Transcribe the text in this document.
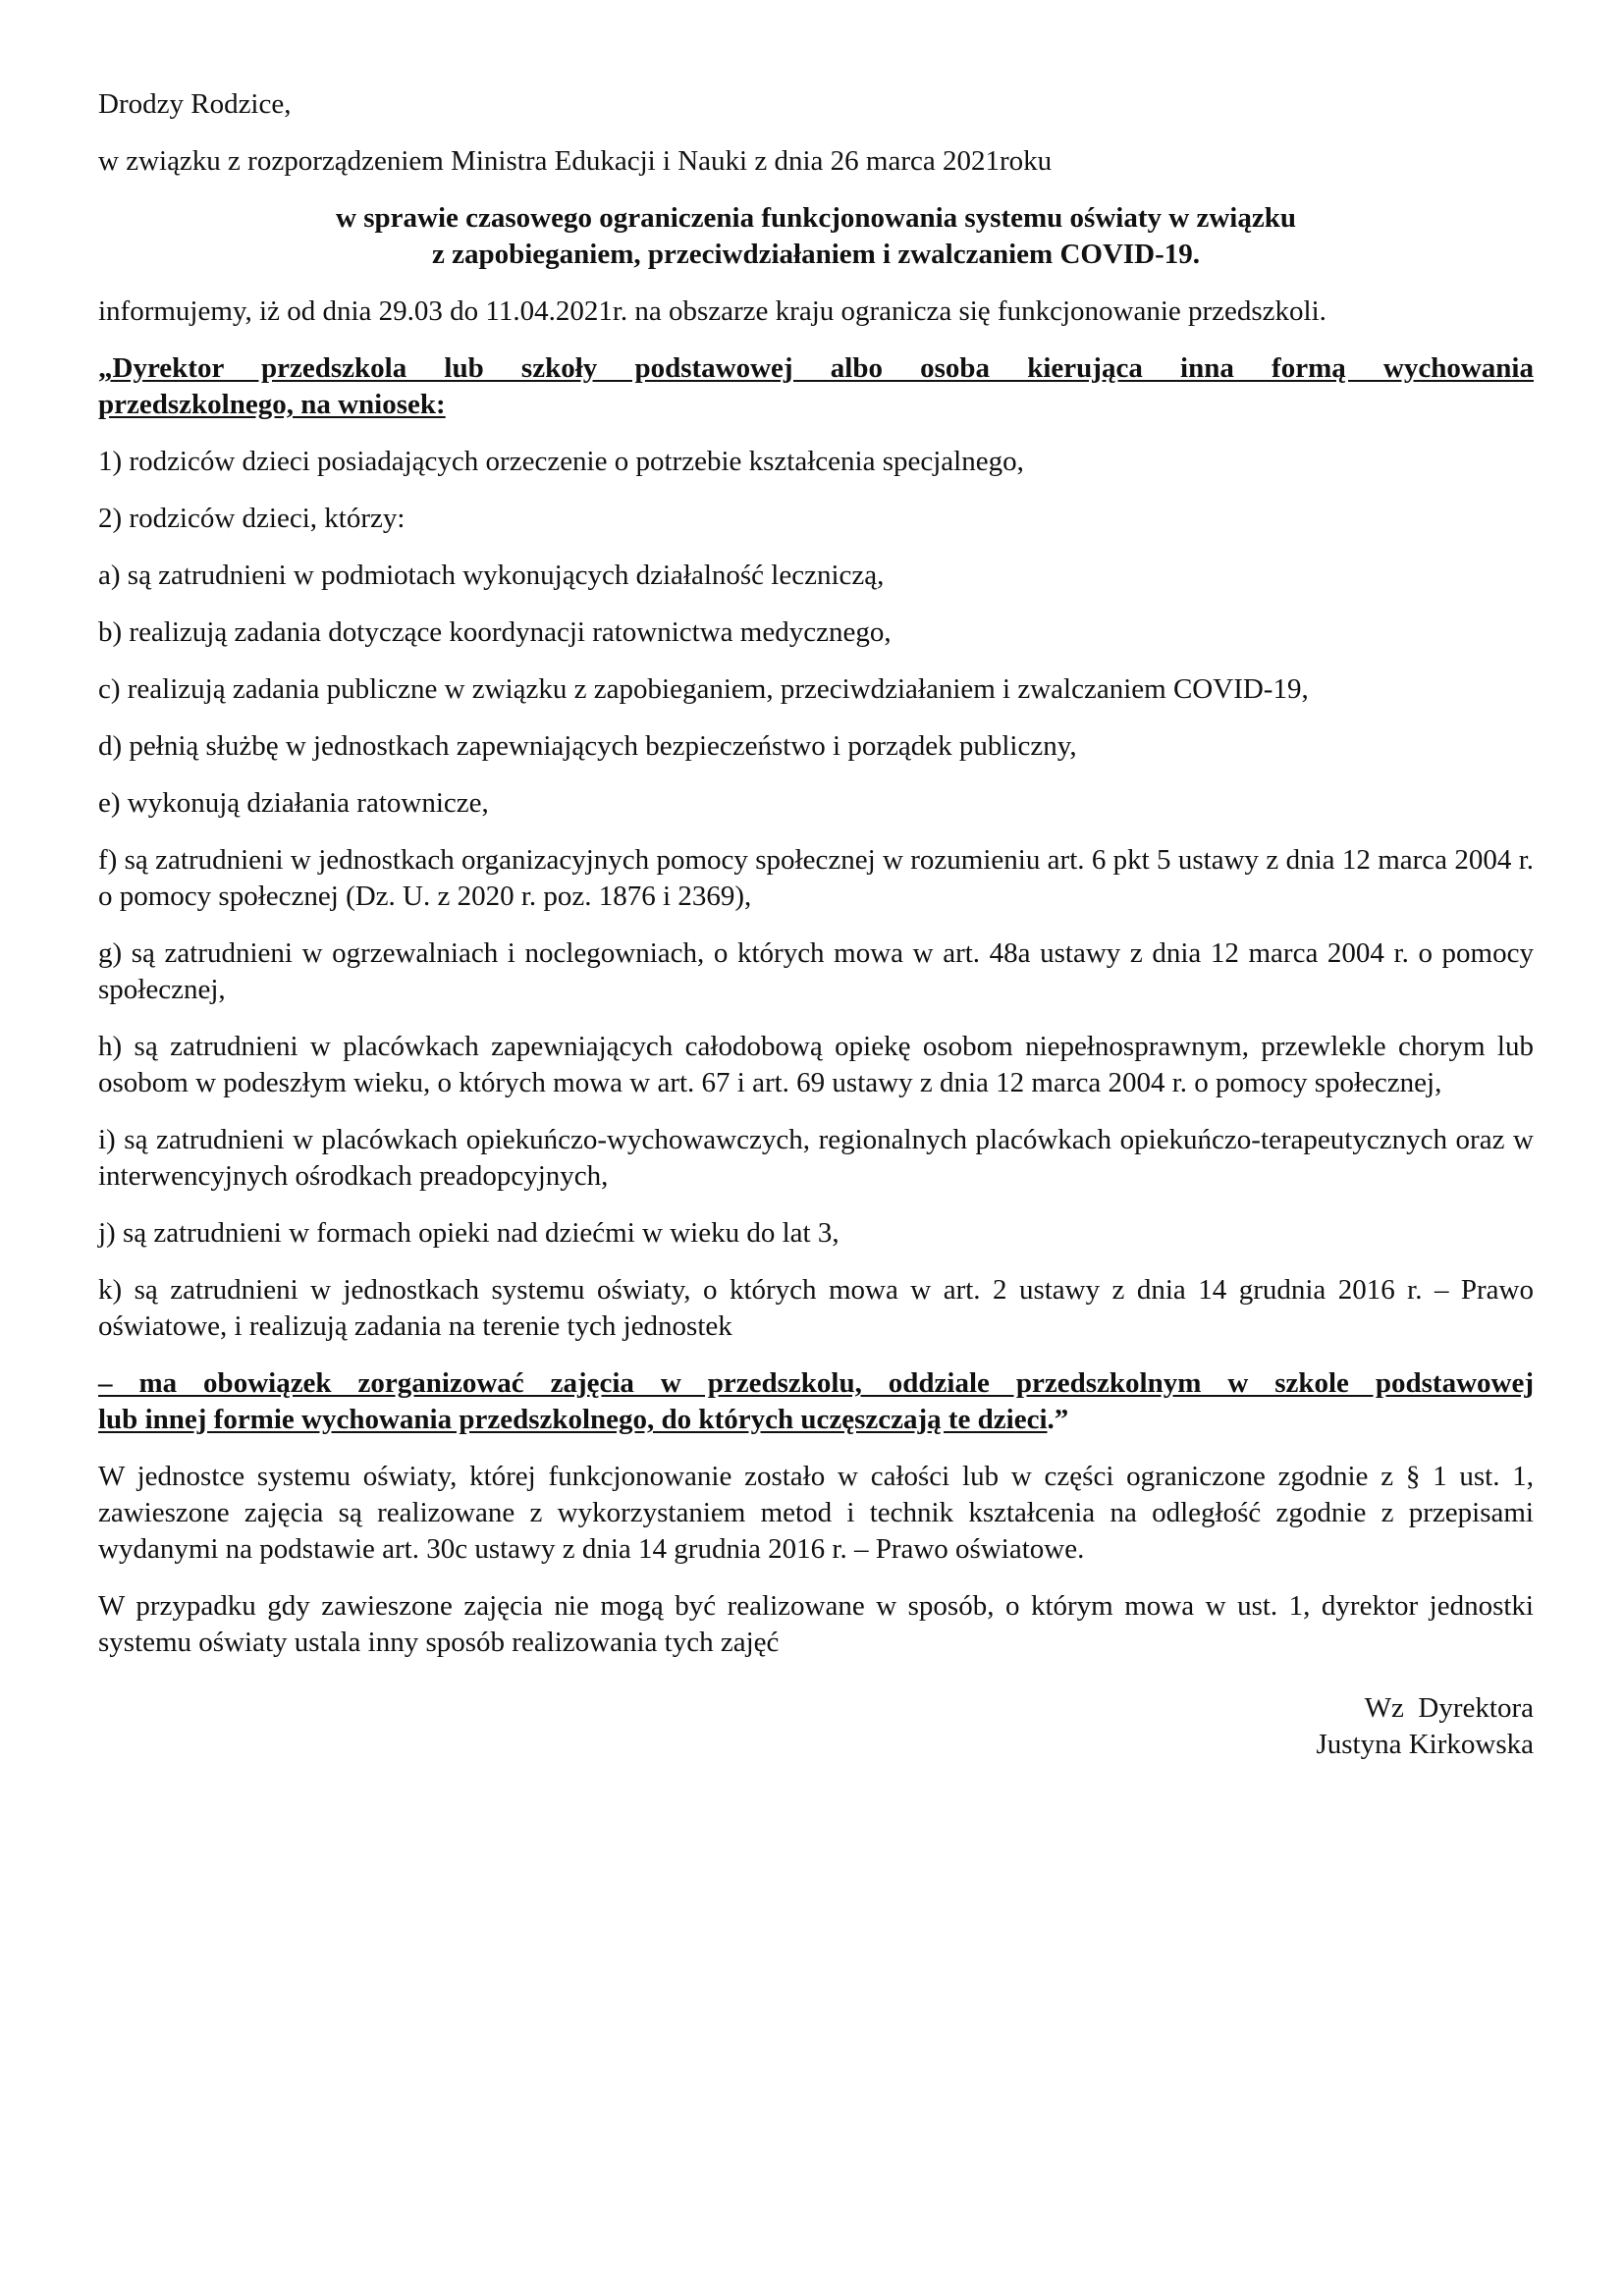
Drodzy Rodzice,

w związku z rozporządzeniem Ministra Edukacji i Nauki z dnia 26 marca 2021roku

w sprawie czasowego ograniczenia funkcjonowania systemu oświaty w związku
z zapobieganiem, przeciwdziałaniem i zwalczaniem COVID-19.

informujemy, iż od dnia 29.03 do 11.04.2021r. na obszarze kraju ogranicza się funkcjonowanie przedszkoli.

„Dyrektor przedszkola lub szkoły podstawowej albo osoba kierująca inna formą wychowania
przedszkolnego, na wniosek:

1) rodziców dzieci posiadających orzeczenie o potrzebie kształcenia specjalnego,

2) rodziców dzieci, którzy:

a) są zatrudnieni w podmiotach wykonujących działalność leczniczą,

b) realizują zadania dotyczące koordynacji ratownictwa medycznego,

c) realizują zadania publiczne w związku z zapobieganiem, przeciwdziałaniem i zwalczaniem COVID-19,

d) pełnią służbę w jednostkach zapewniających bezpieczeństwo i porządek publiczny,

e) wykonują działania ratownicze,

f) są zatrudnieni w jednostkach organizacyjnych pomocy społecznej w rozumieniu art. 6 pkt 5 ustawy z dnia 12 marca 2004 r. o pomocy społecznej (Dz. U. z 2020 r. poz. 1876 i 2369),

g) są zatrudnieni w ogrzewalniach i noclegowniach, o których mowa w art. 48a ustawy z dnia 12 marca 2004 r. o pomocy społecznej,

h) są zatrudnieni w placówkach zapewniających całodobową opiekę osobom niepełnosprawnym, przewlekle chorym lub osobom w podeszłym wieku, o których mowa w art. 67 i art. 69 ustawy z dnia 12 marca 2004 r. o pomocy społecznej,

i) są zatrudnieni w placówkach opiekuńczo-wychowawczych, regionalnych placówkach opiekuńczo-terapeutycznych oraz w interwencyjnych ośrodkach preadopcyjnych,

j) są zatrudnieni w formach opieki nad dziećmi w wieku do lat 3,

k) są zatrudnieni w jednostkach systemu oświaty, o których mowa w art. 2 ustawy z dnia 14 grudnia 2016 r. – Prawo oświatowe, i realizują zadania na terenie tych jednostek

– ma obowiązek zorganizować zajęcia w przedszkolu, oddziale przedszkolnym w szkole podstawowej
lub innej formie wychowania przedszkolnego, do których uczęszczają te dzieci.”

W jednostce systemu oświaty, której funkcjonowanie zostało w całości lub w części ograniczone zgodnie z § 1 ust. 1, zawieszone zajęcia są realizowane z wykorzystaniem metod i technik kształcenia na odległość zgodnie z przepisami wydanymi na podstawie art. 30c ustawy z dnia 14 grudnia 2016 r. – Prawo oświatowe.

W przypadku gdy zawieszone zajęcia nie mogą być realizowane w sposób, o którym mowa w ust. 1, dyrektor jednostki systemu oświaty ustala inny sposób realizowania tych zajęć

Wz  Dyrektora
Justyna Kirkowska
